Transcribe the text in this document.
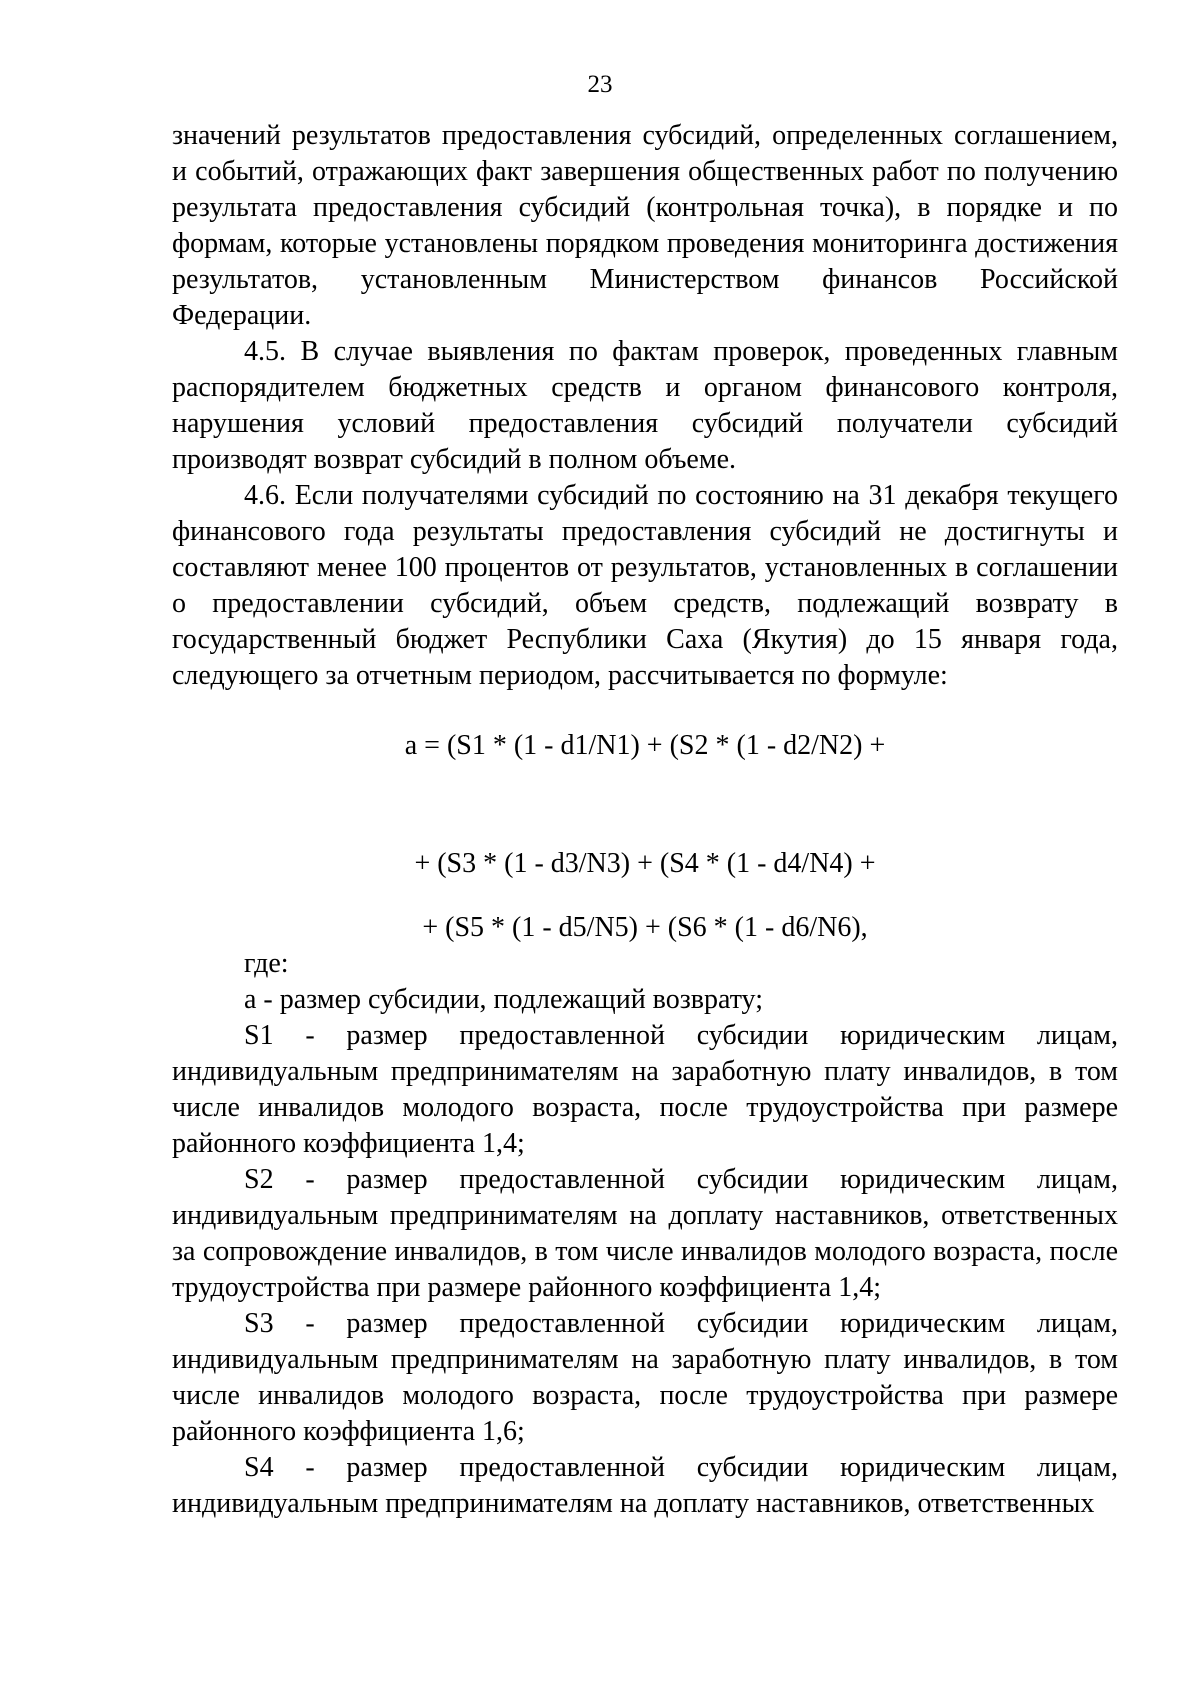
23

значений результатов предоставления субсидий, определенных соглашением, и событий, отражающих факт завершения общественных работ по получению результата предоставления субсидий (контрольная точка), в порядке и по формам, которые установлены порядком проведения мониторинга достижения результатов, установленным Министерством финансов Российской Федерации.

4.5. В случае выявления по фактам проверок, проведенных главным распорядителем бюджетных средств и органом финансового контроля, нарушения условий предоставления субсидий получатели субсидий производят возврат субсидий в полном объеме.

4.6. Если получателями субсидий по состоянию на 31 декабря текущего финансового года результаты предоставления субсидий не достигнуты и составляют менее 100 процентов от результатов, установленных в соглашении о предоставлении субсидий, объем средств, подлежащий возврату в государственный бюджет Республики Саха (Якутия) до 15 января года, следующего за отчетным периодом, рассчитывается по формуле:

a = (S1 * (1 - d1/N1) + (S2 * (1 - d2/N2) +

+ (S3 * (1 - d3/N3) + (S4 * (1 - d4/N4) +

+ (S5 * (1 - d5/N5) + (S6 * (1 - d6/N6),

где:

a - размер субсидии, подлежащий возврату;

S1 - размер предоставленной субсидии юридическим лицам, индивидуальным предпринимателям на заработную плату инвалидов, в том числе инвалидов молодого возраста, после трудоустройства при размере районного коэффициента 1,4;

S2 - размер предоставленной субсидии юридическим лицам, индивидуальным предпринимателям на доплату наставников, ответственных за сопровождение инвалидов, в том числе инвалидов молодого возраста, после трудоустройства при размере районного коэффициента 1,4;

S3 - размер предоставленной субсидии юридическим лицам, индивидуальным предпринимателям на заработную плату инвалидов, в том числе инвалидов молодого возраста, после трудоустройства при размере районного коэффициента 1,6;

S4 - размер предоставленной субсидии юридическим лицам, индивидуальным предпринимателям на доплату наставников, ответственных
